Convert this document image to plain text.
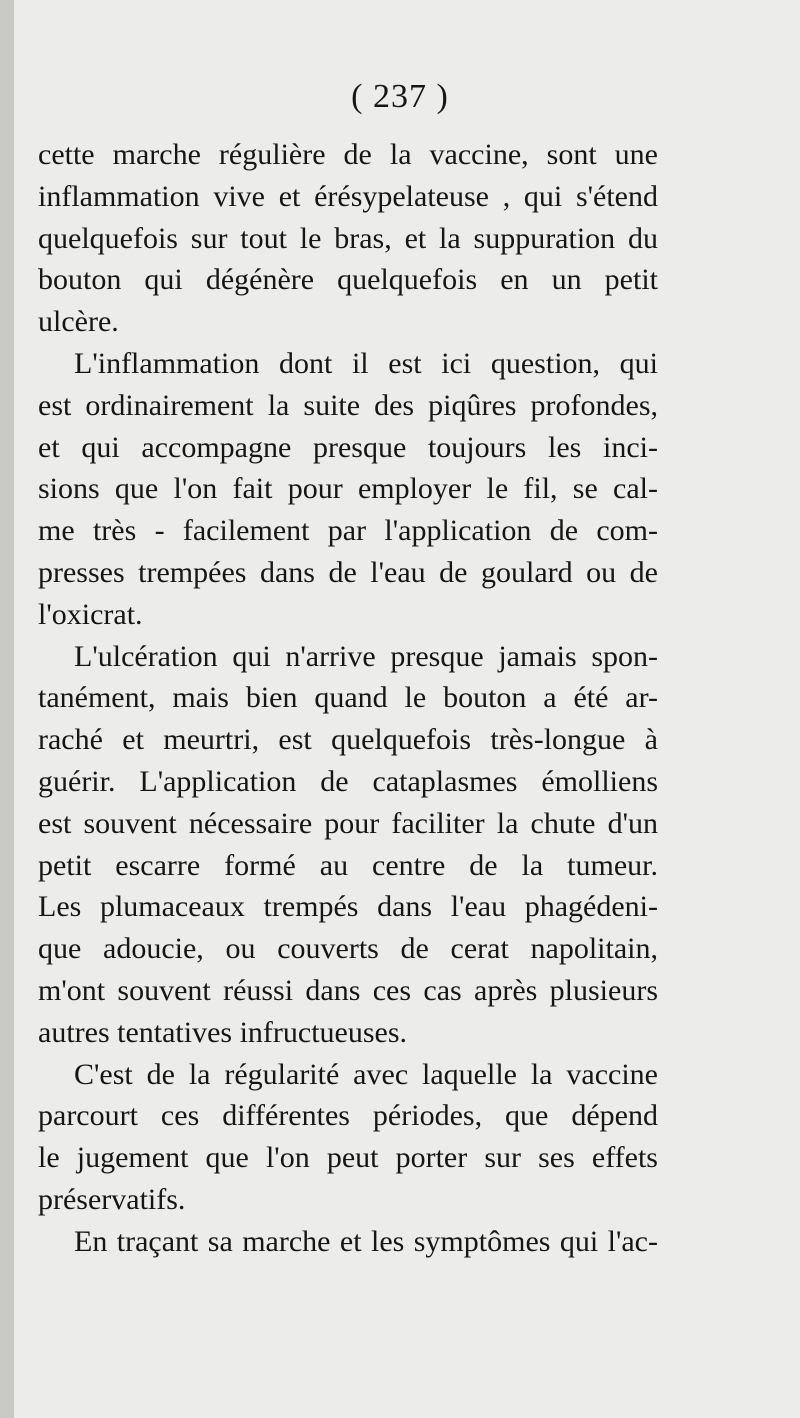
( 237 )
cette marche régulière de la vaccine, sont une
inflammation vive et érésypelateuse , qui s'étend
quelquefois sur tout le bras, et la suppuration du
bouton qui dégénère quelquefois en un petit
ulcère.
L'inflammation dont il est ici question, qui
est ordinairement la suite des piqûres profondes,
et qui accompagne presque toujours les inci-
sions que l'on fait pour employer le fil, se cal-
me très - facilement par l'application de com-
presses trempées dans de l'eau de goulard ou de
l'oxicrat.
L'ulcération qui n'arrive presque jamais spon-
tanément, mais bien quand le bouton a été ar-
raché et meurtri, est quelquefois très-longue à
guérir. L'application de cataplasmes émolliens
est souvent nécessaire pour faciliter la chute d'un
petit escarre formé au centre de la tumeur.
Les plumaceaux trempés dans l'eau phagédeni-
que adoucie, ou couverts de cerat napolitain,
m'ont souvent réussi dans ces cas après plusieurs
autres tentatives infructueuses.
C'est de la régularité avec laquelle la vaccine
parcourt ces différentes périodes, que dépend
le jugement que l'on peut porter sur ses effets
préservatifs.
En traçant sa marche et les symptômes qui l'ac-
